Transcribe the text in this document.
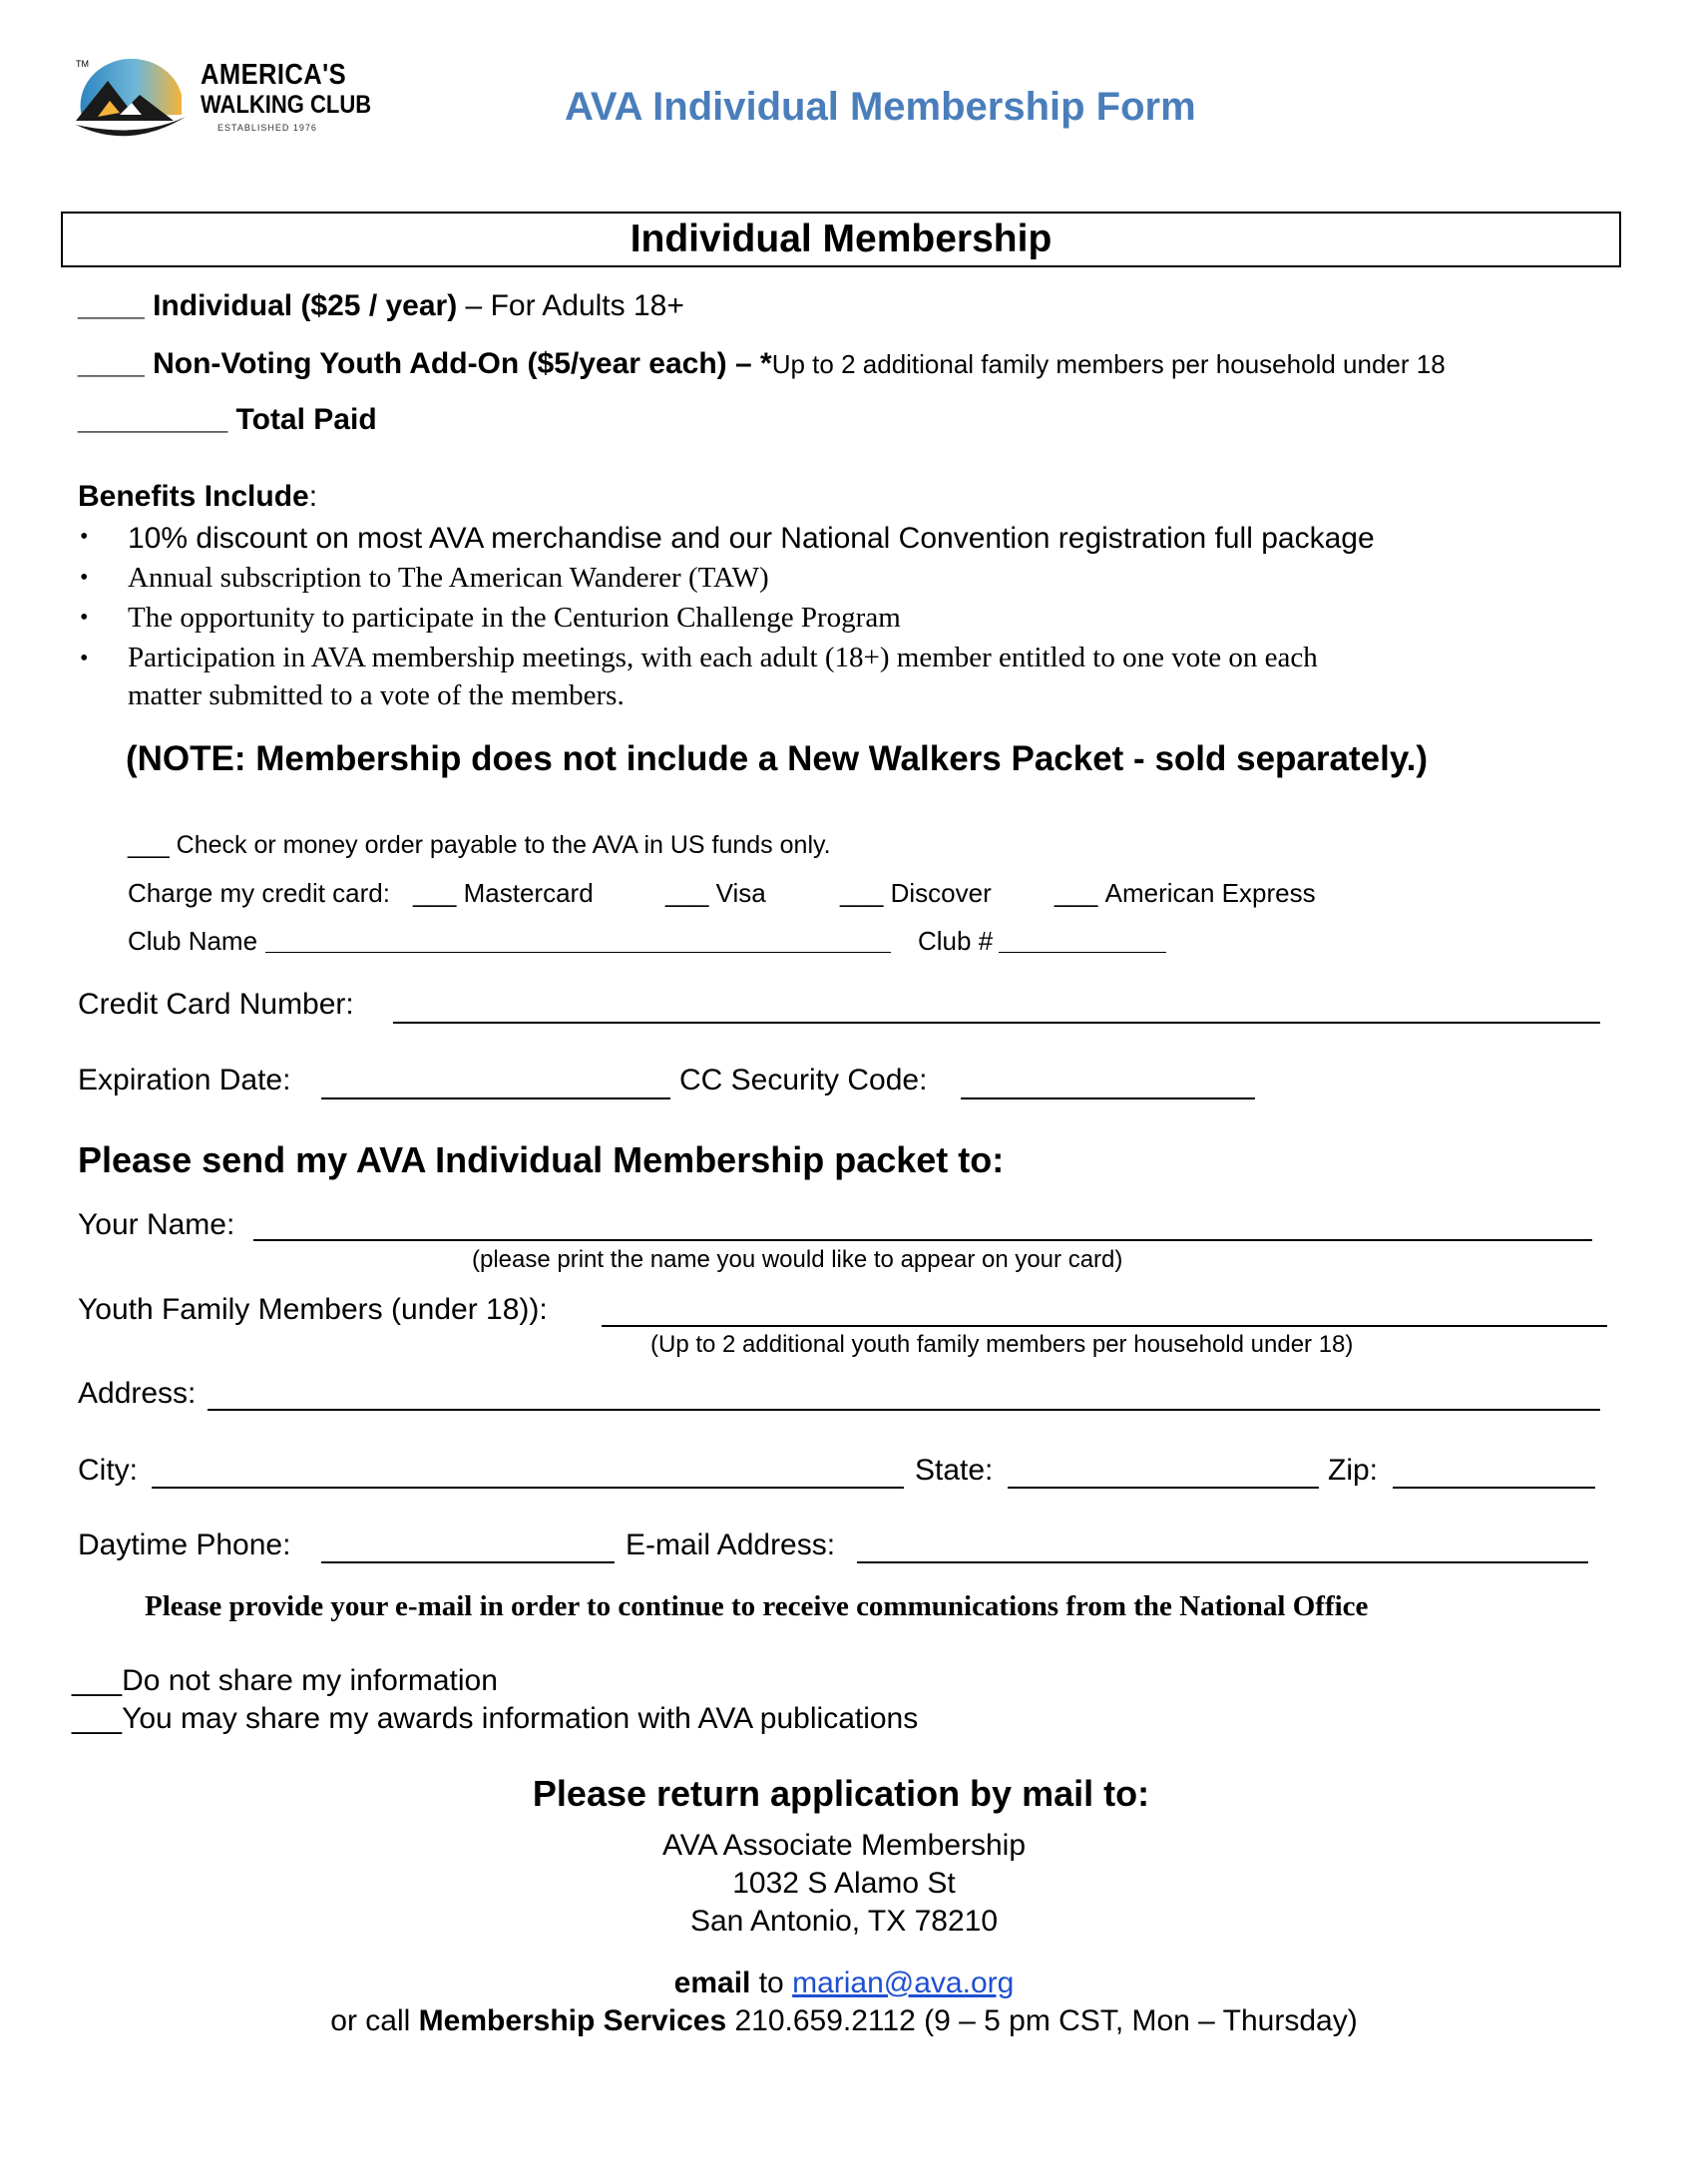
TM	AMERICA'S
WALKING CLUB
ESTABLISHED 1976	AVA Individual Membership Form
Individual Membership
____ Individual ($25 / year) – For Adults 18+
____ Non-Voting Youth Add-On ($5/year each) – *Up to 2 additional family members per household under 18
_________ Total Paid
Benefits Include:
• 10% discount on most AVA merchandise and our National Convention registration full package
• Annual subscription to The American Wanderer (TAW)
• The opportunity to participate in the Centurion Challenge Program
• Participation in AVA membership meetings, with each adult (18+) member entitled to one vote on each
matter submitted to a vote of the members.
(NOTE: Membership does not include a New Walkers Packet - sold separately.)
___ Check or money order payable to the AVA in US funds only.
Charge my credit card: ___ Mastercard	___ Visa	___ Discover ___ American Express
Club Name	Club #
Credit Card Number:
Expiration Date:	CC Security Code:
Please send my AVA Individual Membership packet to:
Your Name:
(please print the name you would like to appear on your card)
Youth Family Members (under 18)):
(Up to 2 additional youth family members per household under 18)
Address:
City:	State:	Zip:
Daytime Phone:	E-mail Address:
Please provide your e-mail in order to continue to receive communications from the National Office
___Do not share my information
___You may share my awards information with AVA publications
Please return application by mail to:
AVA Associate Membership
1032 S Alamo St
San Antonio, TX 78210
email to marian@ava.org
or call Membership Services 210.659.2112 (9 – 5 pm CST, Mon – Thursday)
